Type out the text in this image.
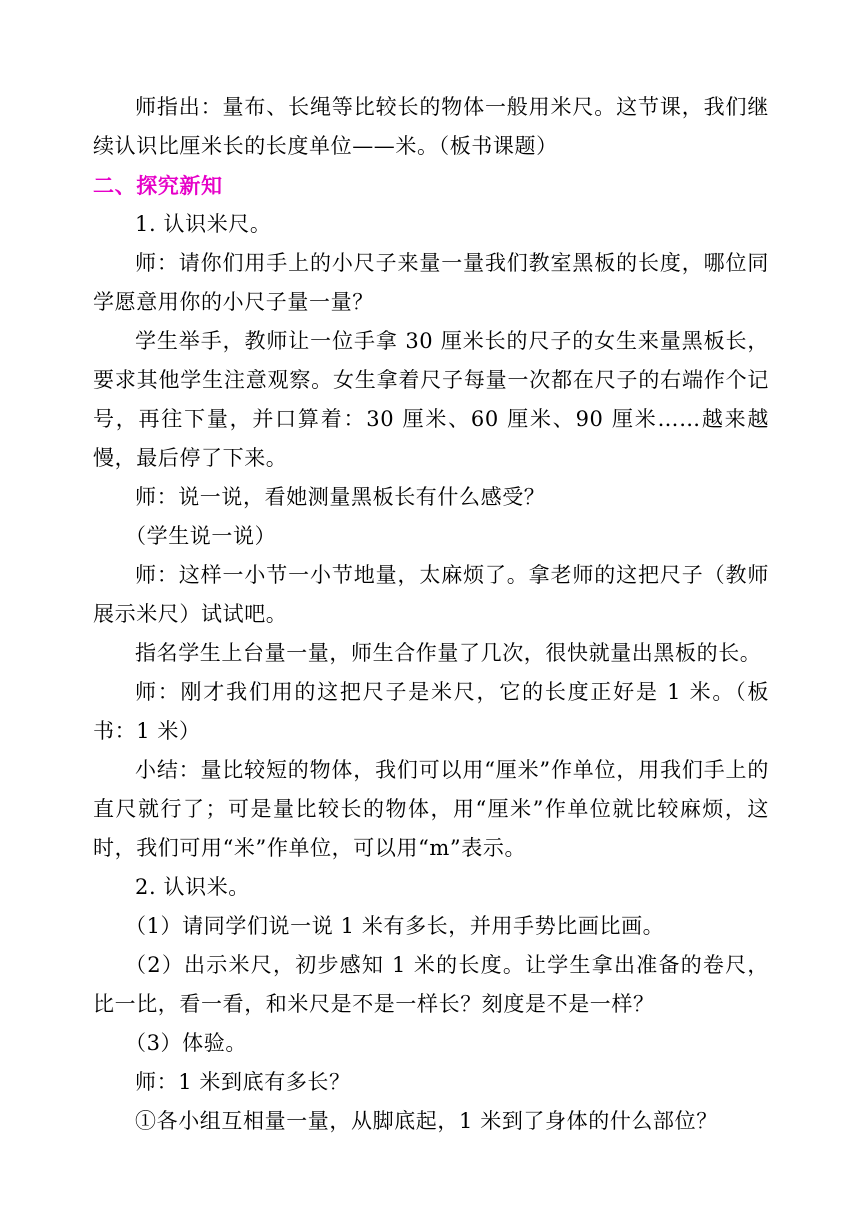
师指出：量布、长绳等比较长的物体一般用米尺。这节课，我们继续认识比厘米长的长度单位——米。（板书课题）

二、探究新知

1. 认识米尺。

师：请你们用手上的小尺子来量一量我们教室黑板的长度，哪位同学愿意用你的小尺子量一量？

学生举手，教师让一位手拿 30 厘米长的尺子的女生来量黑板长，要求其他学生注意观察。女生拿着尺子每量一次都在尺子的右端作个记号，再往下量，并口算着：30 厘米、60 厘米、90 厘米……越来越慢，最后停了下来。

师：说一说，看她测量黑板长有什么感受？

（学生说一说）

师：这样一小节一小节地量，太麻烦了。拿老师的这把尺子（教师展示米尺）试试吧。

指名学生上台量一量，师生合作量了几次，很快就量出黑板的长。

师：刚才我们用的这把尺子是米尺，它的长度正好是 1 米。（板书：1 米）

小结：量比较短的物体，我们可以用“厘米”作单位，用我们手上的直尺就行了；可是量比较长的物体，用“厘米”作单位就比较麻烦，这时，我们可用“米”作单位，可以用“m”表示。

2. 认识米。

（1）请同学们说一说 1 米有多长，并用手势比画比画。

（2）出示米尺，初步感知 1 米的长度。让学生拿出准备的卷尺，比一比，看一看，和米尺是不是一样长？刻度是不是一样？

（3）体验。

师：1 米到底有多长？

①各小组互相量一量，从脚底起，1 米到了身体的什么部位？
